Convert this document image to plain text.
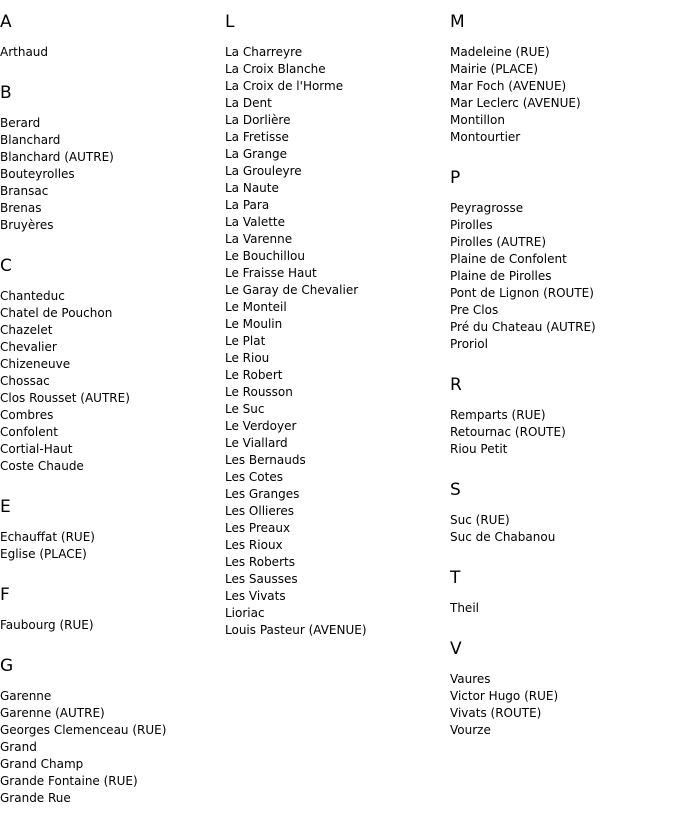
A
Arthaud
B
Berard
Blanchard
Blanchard (AUTRE)
Bouteyrolles
Bransac
Brenas
Bruyères
C
Chanteduc
Chatel de Pouchon
Chazelet
Chevalier
Chizeneuve
Chossac
Clos Rousset (AUTRE)
Combres
Confolent
Cortial-Haut
Coste Chaude
E
Echauffat (RUE)
Eglise (PLACE)
F
Faubourg (RUE)
G
Garenne
Garenne (AUTRE)
Georges Clemenceau (RUE)
Grand
Grand Champ
Grande Fontaine (RUE)
Grande Rue
L
La Charreyre
La Croix Blanche
La Croix de l'Horme
La Dent
La Dorlière
La Fretisse
La Grange
La Grouleyre
La Naute
La Para
La Valette
La Varenne
Le Bouchillou
Le Fraisse Haut
Le Garay de Chevalier
Le Monteil
Le Moulin
Le Plat
Le Riou
Le Robert
Le Rousson
Le Suc
Le Verdoyer
Le Viallard
Les Bernauds
Les Cotes
Les Granges
Les Ollieres
Les Preaux
Les Rioux
Les Roberts
Les Sausses
Les Vivats
Lioriac
Louis Pasteur (AVENUE)
M
Madeleine (RUE)
Mairie (PLACE)
Mar Foch (AVENUE)
Mar Leclerc (AVENUE)
Montillon
Montourtier
P
Peyragrosse
Pirolles
Pirolles (AUTRE)
Plaine de Confolent
Plaine de Pirolles
Pont de Lignon (ROUTE)
Pre Clos
Pré du Chateau (AUTRE)
Proriol
R
Remparts (RUE)
Retournac (ROUTE)
Riou Petit
S
Suc (RUE)
Suc de Chabanou
T
Theil
V
Vaures
Victor Hugo (RUE)
Vivats (ROUTE)
Vourze
